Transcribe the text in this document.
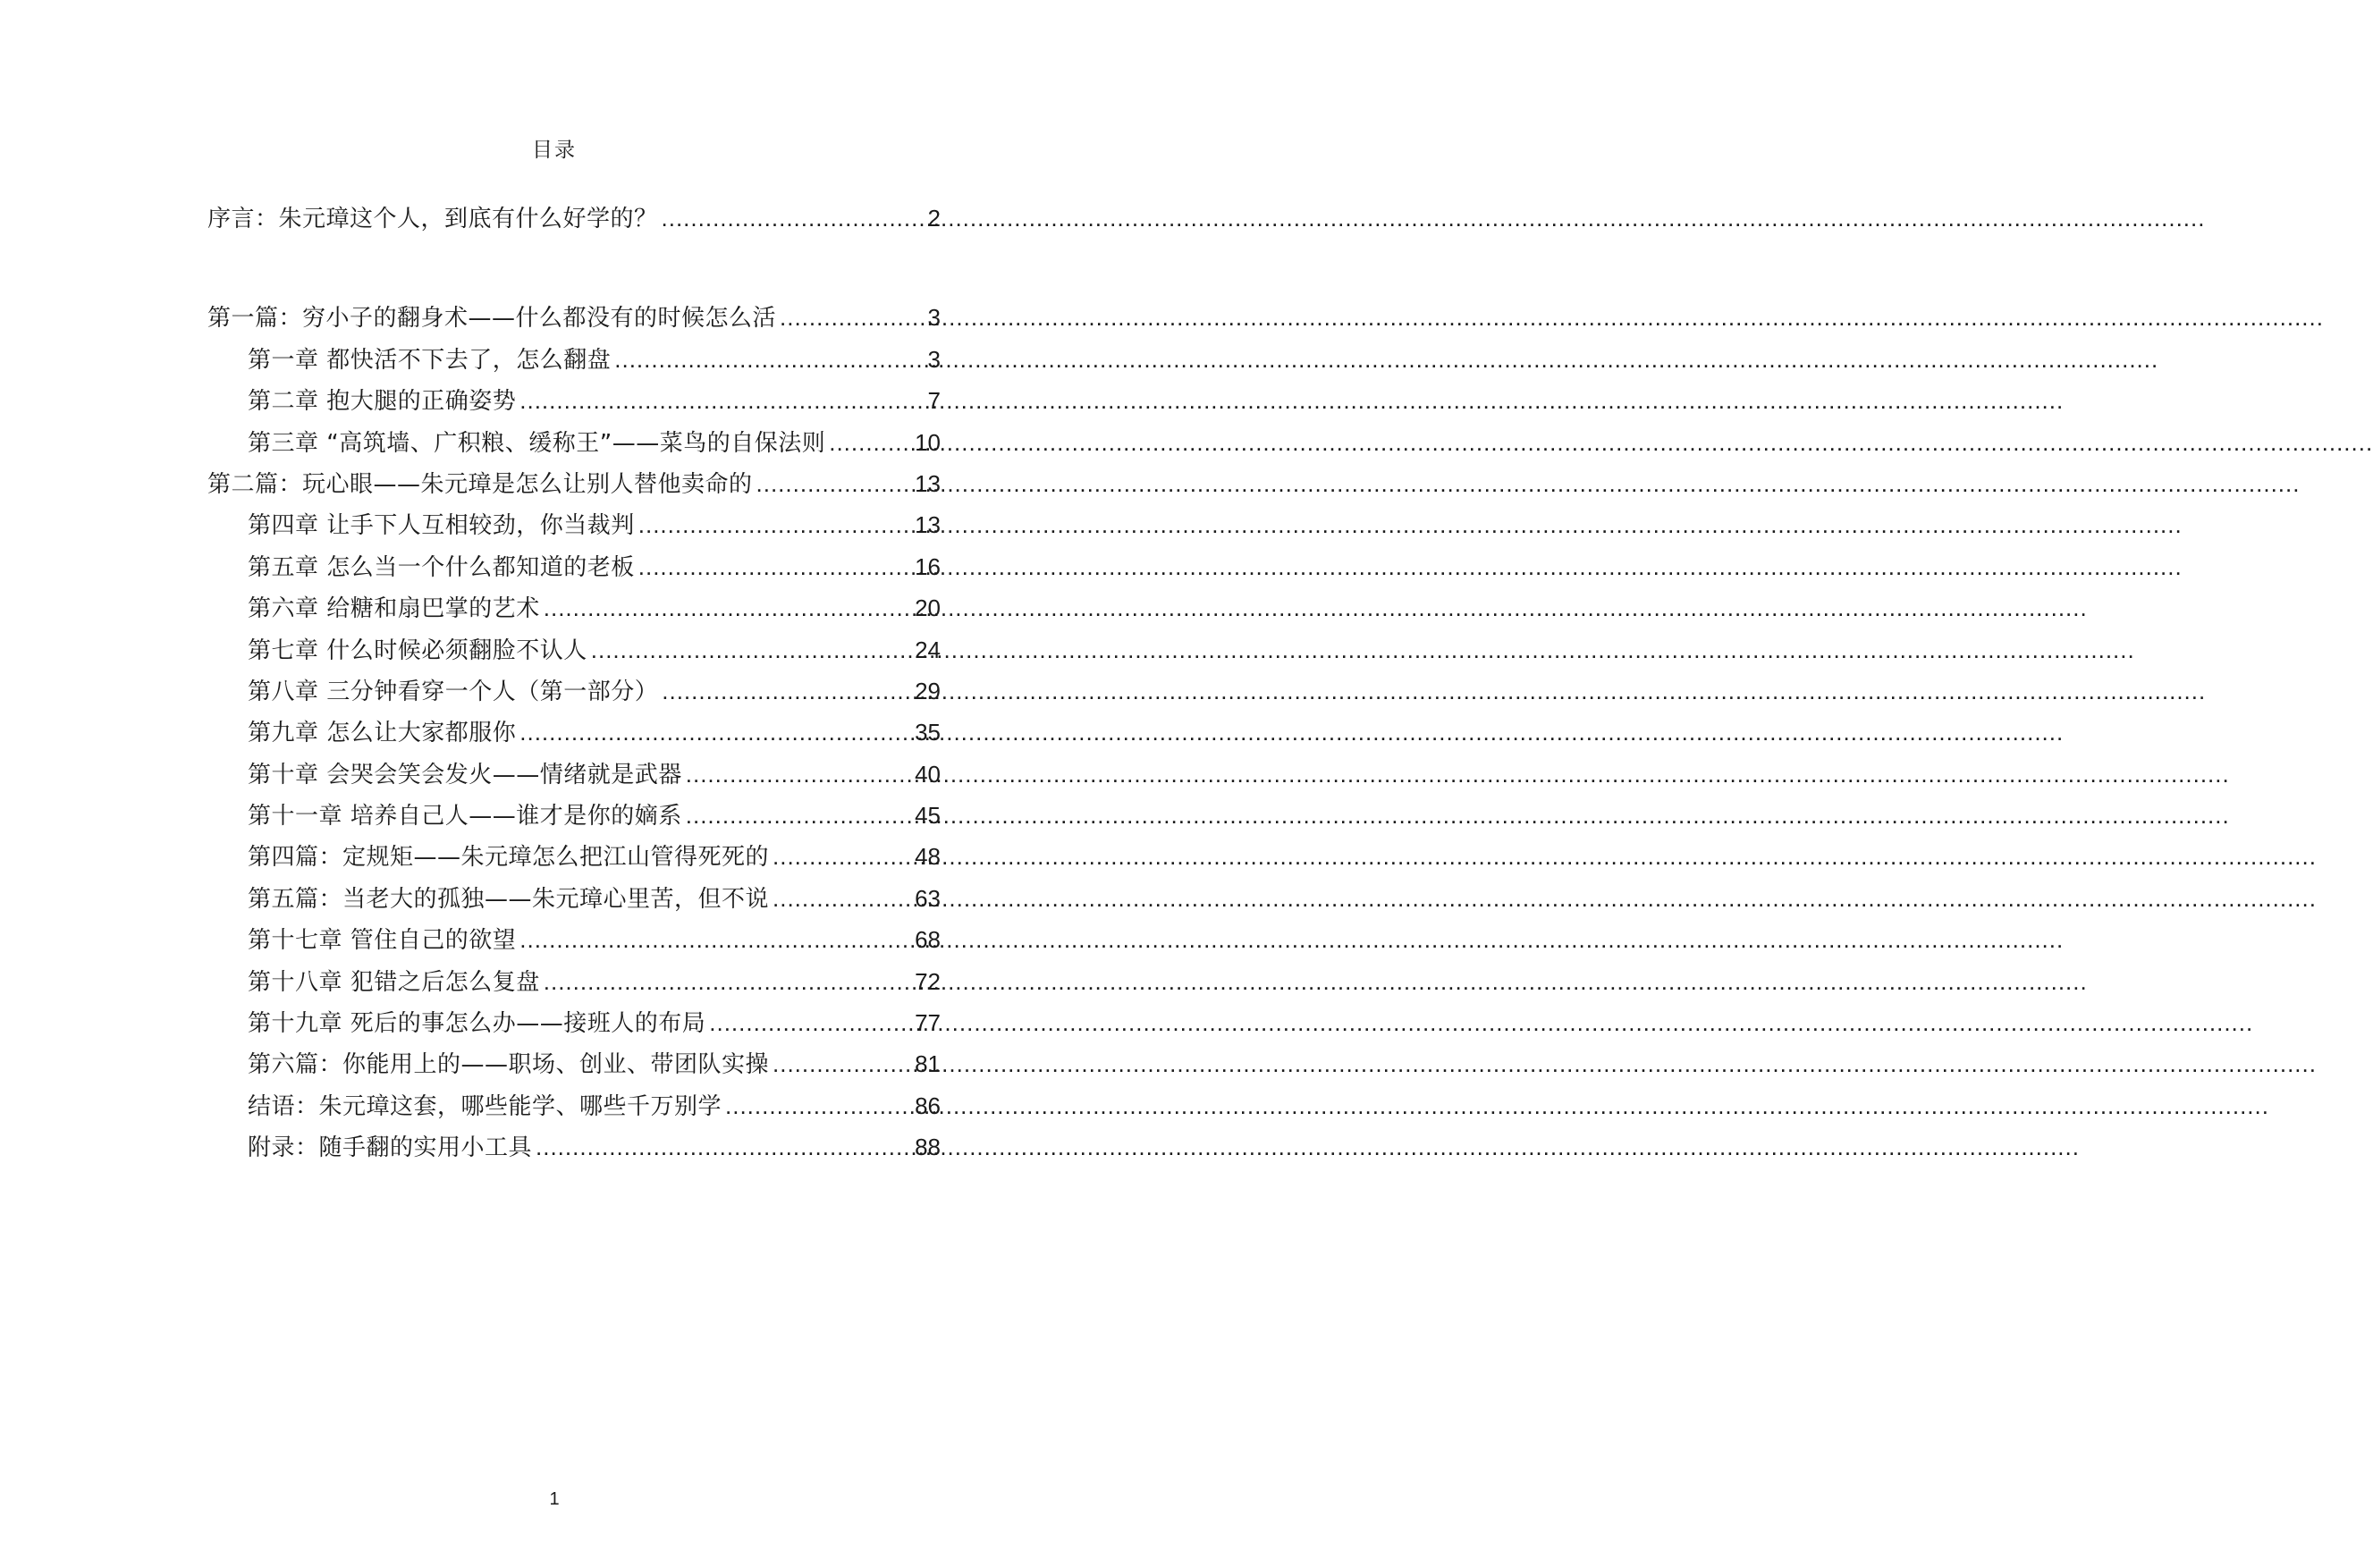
目录
序言：朱元璋这个人，到底有什么好学的？ .....	2
第一篇：穷小子的翻身术——什么都没有的时候怎么活 .....	3
第一章 都快活不下去了，怎么翻盘 .....	3
第二章 抱大腿的正确姿势 .....	7
第三章 “高筑墙、广积粮、缓称王”——菜鸟的自保法则 .....	10
第二篇：玩心眼——朱元璋是怎么让别人替他卖命的 .....	13
第四章 让手下人互相较劲，你当裁判 .....	13
第五章 怎么当一个什么都知道的老板 .....	16
第六章 给糖和扇巴掌的艺术 .....	20
第七章 什么时候必须翻脸不认人 .....	24
第八章 三分钟看穿一个人（第一部分） .....	29
第九章 怎么让大家都服你 .....	35
第十章 会哭会笑会发火——情绪就是武器 .....	40
第十一章 培养自己人——谁才是你的嫡系 .....	45
第四篇：定规矩——朱元璋怎么把江山管得死死的 .....	48
第五篇：当老大的孤独——朱元璋心里苦，但不说 .....	63
第十七章 管住自己的欲望 .....	68
第十八章 犯错之后怎么复盘 .....	72
第十九章 死后的事怎么办——接班人的布局 .....	77
第六篇：你能用上的——职场、创业、带团队实操 .....	81
结语：朱元璋这套，哪些能学、哪些千万别学 .....	86
附录：随手翻的实用小工具 .....	88
1
